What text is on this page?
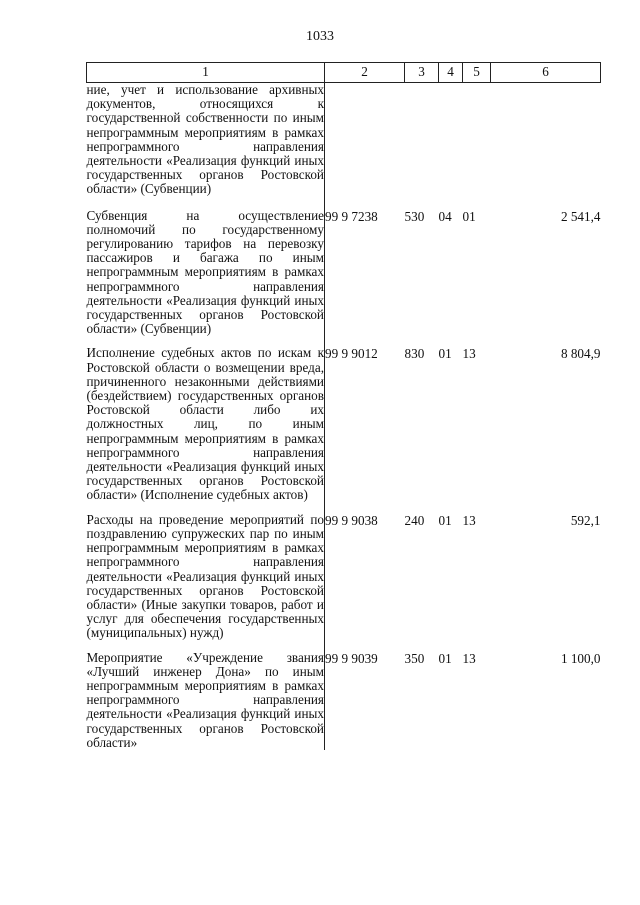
1033
1	2	3	4	5	6
ние, учет и использование архивных документов, относящихся к государственной собственности по иным непрограммным мероприятиям в рамках непрограммного направления деятельности «Реализация функций иных государственных органов Ростовской области» (Субвенции)					
Субвенция на осуществление полномочий по государственному регулированию тарифов на перевозку пассажиров и багажа по иным непрограммным мероприятиям в рамках непрограммного направления деятельности «Реализация функций иных государственных органов Ростовской области» (Субвенции)	99 9 7238	530	04	01	2 541,4
Исполнение судебных актов по искам к Ростовской области о возмещении вреда, причиненного незаконными действиями (бездействием) государственных органов Ростовской области либо их должностных лиц, по иным непрограммным мероприятиям в рамках непрограммного направления деятельности «Реализация функций иных государственных органов Ростовской области» (Исполнение судебных актов)	99 9 9012	830	01	13	8 804,9
Расходы на проведение мероприятий по поздравлению супружеских пар по иным непрограммным мероприятиям в рамках непрограммного направления деятельности «Реализация функций иных государственных органов Ростовской области» (Иные закупки товаров, работ и услуг для обеспечения государственных (муниципальных) нужд)	99 9 9038	240	01	13	592,1
Мероприятие «Учреждение звания «Лучший инженер Дона» по иным непрограммным мероприятиям в рамках непрограммного направления деятельности «Реализация функций иных государственных органов Ростовской области»	99 9 9039	350	01	13	1 100,0
